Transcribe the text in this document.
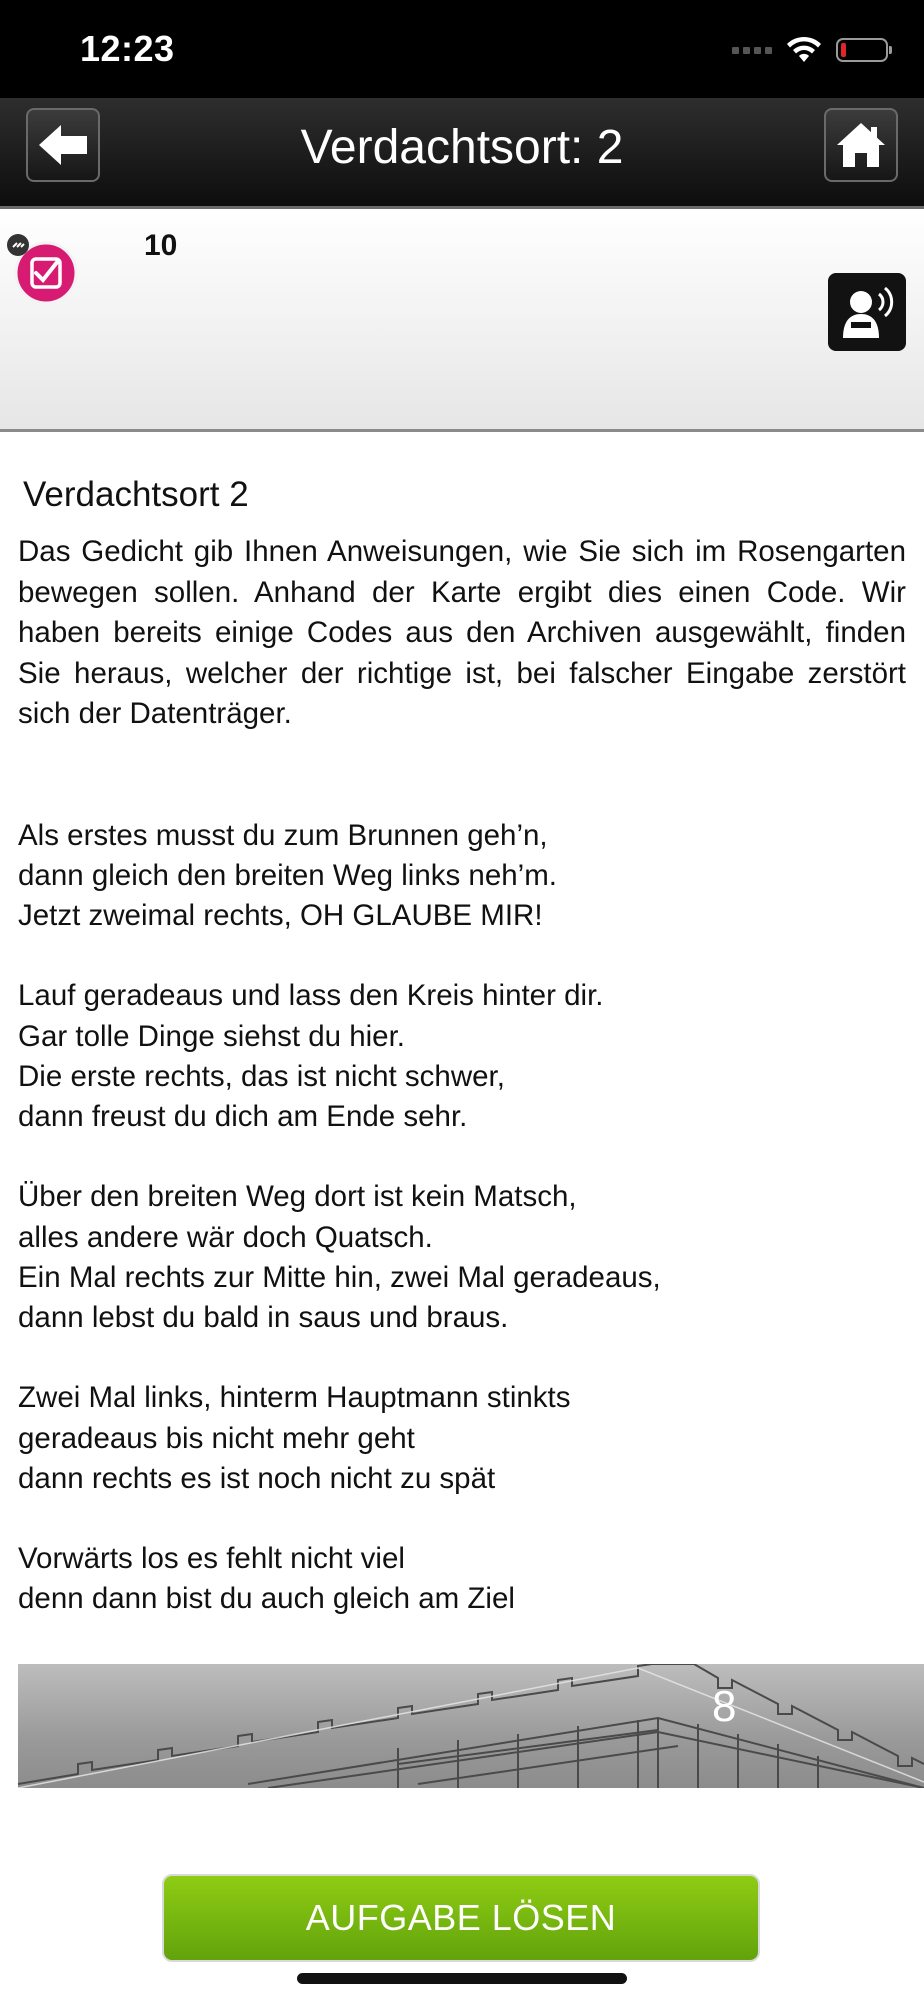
12:23
Verdachtsort: 2
10
Verdachtsort 2
Das Gedicht gib Ihnen Anweisungen, wie Sie sich im Rosengarten bewegen sollen. Anhand der Karte ergibt dies einen Code. Wir haben bereits einige Codes aus den Archiven ausgewählt, finden Sie heraus, welcher der richtige ist, bei falscher Eingabe zerstört sich der Datenträger.
Als erstes musst du zum Brunnen geh’n,
dann gleich den breiten Weg links neh’m.
Jetzt zweimal rechts, OH GLAUBE MIR!
Lauf geradeaus und lass den Kreis hinter dir.
Gar tolle Dinge siehst du hier.
Die erste rechts, das ist nicht schwer,
dann freust du dich am Ende sehr.
Über den breiten Weg dort ist kein Matsch,
alles andere wär doch Quatsch.
Ein Mal rechts zur Mitte hin, zwei Mal geradeaus,
dann lebst du bald in saus und braus.
Zwei Mal links, hinterm Hauptmann stinkts
geradeaus bis nicht mehr geht
dann rechts es ist noch nicht zu spät
Vorwärts los es fehlt nicht viel
denn dann bist du auch gleich am Ziel
8
AUFGABE LÖSEN
